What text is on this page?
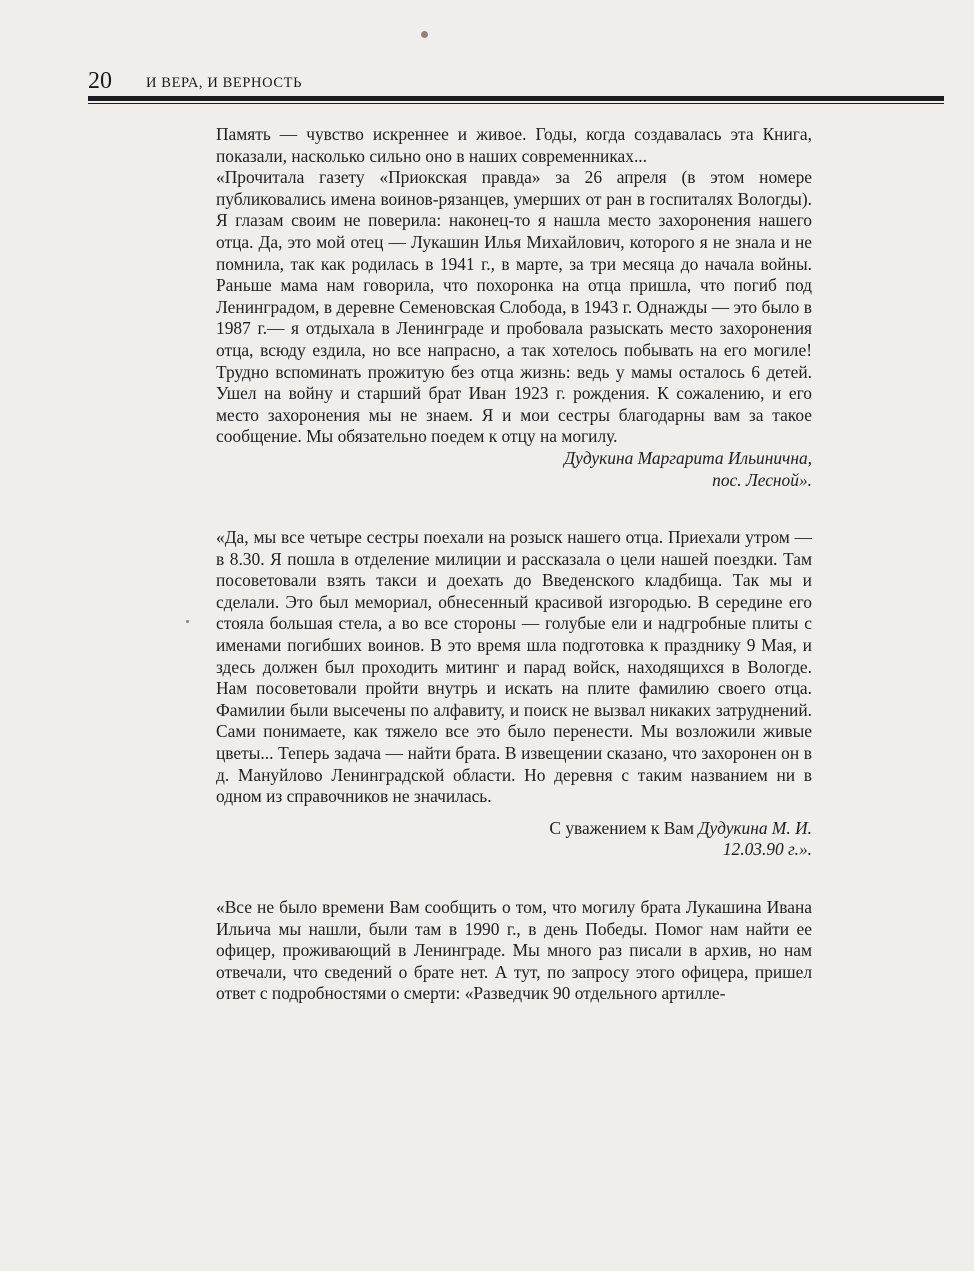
20 И ВЕРА, И ВЕРНОСТЬ

Память — чувство искреннее и живое. Годы, когда создавалась эта Книга, показали, насколько сильно оно в наших современниках...

«Прочитала газету «Приокская правда» за 26 апреля (в этом номере публиковались имена воинов-рязанцев, умерших от ран в госпиталях Вологды). Я глазам своим не поверила: наконец-то я нашла место захоронения нашего отца. Да, это мой отец — Лукашин Илья Михайлович, которого я не знала и не помнила, так как родилась в 1941 г., в марте, за три месяца до начала войны. Раньше мама нам говорила, что похоронка на отца пришла, что погиб под Ленинградом, в деревне Семеновская Слобода, в 1943 г. Однажды — это было в 1987 г.— я отдыхала в Ленинграде и пробовала разыскать место захоронения отца, всюду ездила, но все напрасно, а так хотелось побывать на его могиле! Трудно вспоминать прожитую без отца жизнь: ведь у мамы осталось 6 детей. Ушел на войну и старший брат Иван 1923 г. рождения. К сожалению, и его место захоронения мы не знаем. Я и мои сестры благодарны вам за такое сообщение. Мы обязательно поедем к отцу на могилу.

Дудукина Маргарита Ильинична,

пос. Лесной».

«Да, мы все четыре сестры поехали на розыск нашего отца. Приехали утром — в 8.30. Я пошла в отделение милиции и рассказала о цели нашей поездки. Там посоветовали взять такси и доехать до Введенского кладбища. Так мы и сделали. Это был мемориал, обнесенный красивой изгородью. В середине его стояла большая стела, а во все стороны — голубые ели и надгробные плиты с именами погибших воинов. В это время шла подготовка к празднику 9 Мая, и здесь должен был проходить митинг и парад войск, находящихся в Вологде. Нам посоветовали пройти внутрь и искать на плите фамилию своего отца. Фамилии были высечены по алфавиту, и поиск не вызвал никаких затруднений. Сами понимаете, как тяжело все это было перенести. Мы возложили живые цветы... Теперь задача — найти брата. В извещении сказано, что захоронен он в д. Мануйлово Ленинградской области. Но деревня с таким названием ни в одном из справочников не значилась.

С уважением к Вам Дудукина М. И.

12.03.90 г.».

«Все не было времени Вам сообщить о том, что могилу брата Лукашина Ивана Ильича мы нашли, были там в 1990 г., в день Победы. Помог нам найти ее офицер, проживающий в Ленинграде. Мы много раз писали в архив, но нам отвечали, что сведений о брате нет. А тут, по запросу этого офицера, пришел ответ с подробностями о смерти: «Разведчик 90 отдельного артилле-
